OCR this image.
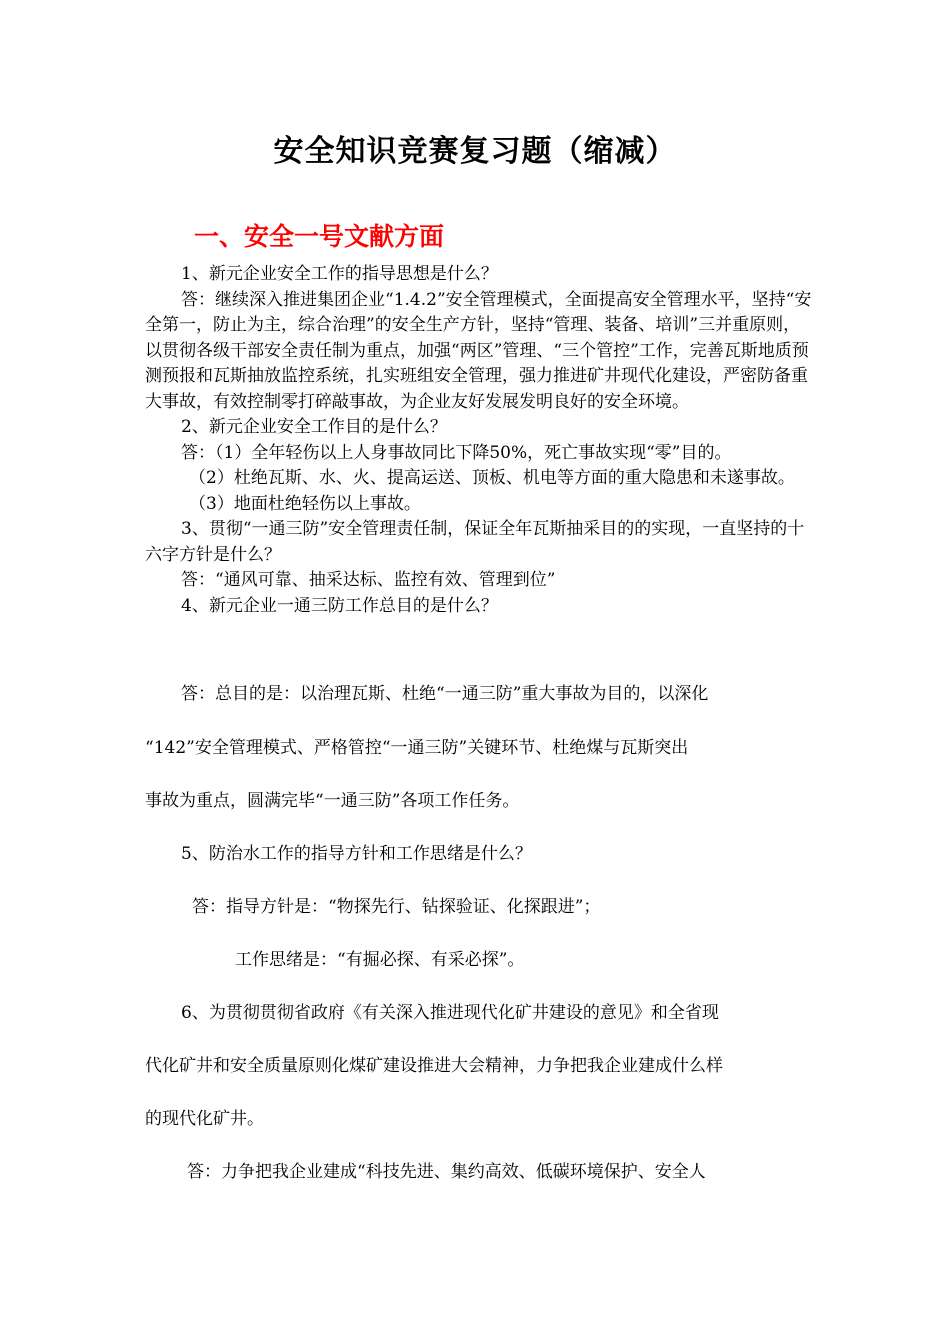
安全知识竞赛复习题（缩减）
一、安全一号文献方面

1、新元企业安全工作的指导思想是什么？

答：继续深入推进集团企业“1.4.2”安全管理模式，全面提高安全管理水平，坚持“安全第一，防止为主，综合治理”的安全生产方针，坚持“管理、装备、培训”三并重原则，以贯彻各级干部安全责任制为重点，加强“两区”管理、“三个管控”工作，完善瓦斯地质预测预报和瓦斯抽放监控系统，扎实班组安全管理，强力推进矿井现代化建设，严密防备重大事故，有效控制零打碎敲事故，为企业友好发展发明良好的安全环境。

2、新元企业安全工作目的是什么？

答：（1）全年轻伤以上人身事故同比下降50%，死亡事故实现“零”目的。

（2）杜绝瓦斯、水、火、提高运送、顶板、机电等方面的重大隐患和未遂事故。

（3）地面杜绝轻伤以上事故。

3、贯彻“一通三防”安全管理责任制，保证全年瓦斯抽采目的的实现，一直坚持的十六字方针是什么？

答：“通风可靠、抽采达标、监控有效、管理到位”

4、新元企业一通三防工作总目的是什么？

答：总目的是：以治理瓦斯、杜绝“一通三防”重大事故为目的，以深化
“142”安全管理模式、严格管控“一通三防”关键环节、杜绝煤与瓦斯突出
事故为重点，圆满完毕“一通三防”各项工作任务。
5、防治水工作的指导方针和工作思绪是什么？
答：指导方针是：“物探先行、钻探验证、化探跟进”；
工作思绪是：“有掘必探、有采必探”。
6、为贯彻贯彻省政府《有关深入推进现代化矿井建设的意见》和全省现
代化矿井和安全质量原则化煤矿建设推进大会精神，力争把我企业建成什么样
的现代化矿井。
答：力争把我企业建成“科技先进、集约高效、低碳环境保护、安全人
